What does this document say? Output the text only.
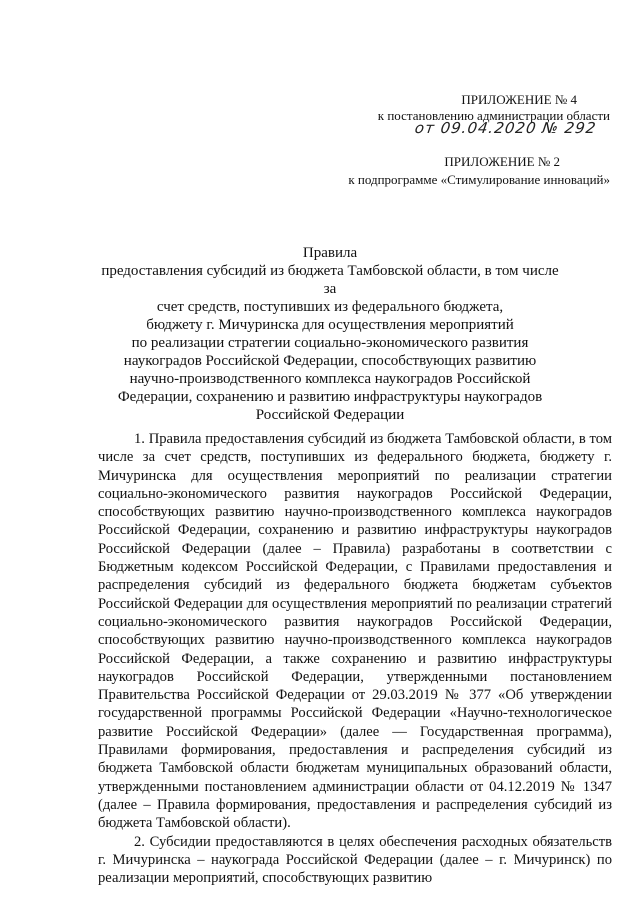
ПРИЛОЖЕНИЕ № 4
к постановлению администрации области
от 09.04.2020 № 292
ПРИЛОЖЕНИЕ № 2
к подпрограмме «Стимулирование инноваций»
Правила
предоставления субсидий из бюджета Тамбовской области, в том числе за
счет средств, поступивших из федерального бюджета,
бюджету г. Мичуринска для осуществления мероприятий
по реализации стратегии социально-экономического развития
наукоградов Российской Федерации, способствующих развитию
научно-производственного комплекса наукоградов Российской
Федерации, сохранению и развитию инфраструктуры наукоградов
Российской Федерации

1. Правила предоставления субсидий из бюджета Тамбовской области, в том числе за счет средств, поступивших из федерального бюджета, бюджету г. Мичуринска для осуществления мероприятий по реализации стратегии социально-экономического развития наукоградов Российской Федерации, способствующих развитию научно-производственного комплекса наукоградов Российской Федерации, сохранению и развитию инфраструктуры наукоградов Российской Федерации (далее – Правила) разработаны в соответствии с Бюджетным кодексом Российской Федерации, с Правилами предоставления и распределения субсидий из федерального бюджета бюджетам субъектов Российской Федерации для осуществления мероприятий по реализации стратегий социально-экономического развития наукоградов Российской Федерации, способствующих развитию научно-производственного комплекса наукоградов Российской Федерации, а также сохранению и развитию инфраструктуры наукоградов Российской Федерации, утвержденными постановлением Правительства Российской Федерации от 29.03.2019 № 377 «Об утверждении государственной программы Российской Федерации «Научно-технологическое развитие Российской Федерации» (далее — Государственная программа), Правилами формирования, предоставления и распределения субсидий из бюджета Тамбовской области бюджетам муниципальных образований области, утвержденными постановлением администрации области от 04.12.2019 № 1347 (далее – Правила формирования, предоставления и распределения субсидий из бюджета Тамбовской области).

2. Субсидии предоставляются в целях обеспечения расходных обязательств г. Мичуринска – наукограда Российской Федерации (далее – г. Мичуринск) по реализации мероприятий, способствующих развитию
